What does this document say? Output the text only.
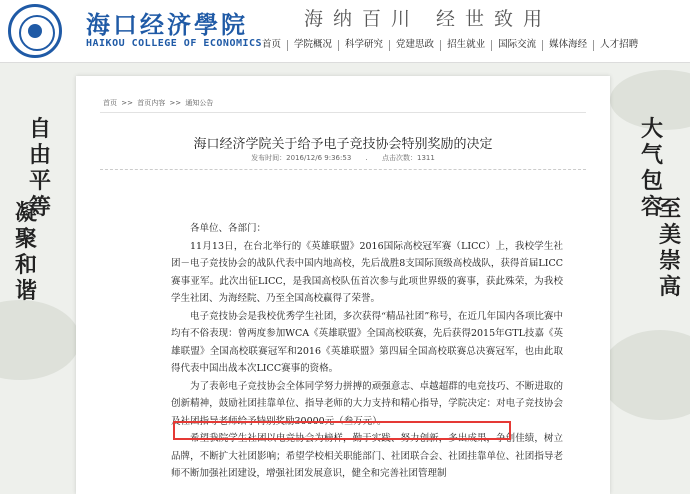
海口经济學院
HAIKOU COLLEGE OF ECONOMICS
海纳百川 经世致用
首页	学院概况	科学研究	党建思政	招生就业	国际交流	媒体海经	人才招聘
自
由
平
等
凝
聚
和
谐
大
气
包
容
至
美
崇
高
首页 >> 首页内容 >> 通知公告
海口经济学院关于给予电子竞技协会特别奖励的决定
发布时间：2016/12/6 9:36:53 . 点击次数：1311

各单位、各部门：

11月13日，在台北举行的《英雄联盟》2016国际高校冠军赛（LICC）上，我校学生社团－电子竞技协会的战队代表中国内地高校，先后战胜8支国际顶级高校战队，获得首届LICC赛事亚军。此次出征LICC，是我国高校队伍首次参与此项世界级的赛事，获此殊荣，为我校学生社团、为海经院、乃至全国高校赢得了荣誉。

电子竞技协会是我校优秀学生社团，多次获得“精品社团”称号，在近几年国内各项比赛中均有不俗表现：曾两度参加WCA《英雄联盟》全国高校联赛，先后获得2015年GTL技嘉《英雄联盟》全国高校联赛冠军和2016《英雄联盟》第四届全国高校联赛总决赛冠军，也由此取得代表中国出战本次LICC赛事的资格。

为了表彰电子竞技协会全体同学努力拼搏的顽强意志、卓越超群的电竞技巧、不断进取的创新精神，鼓励社团挂靠单位、指导老师的大力支持和精心指导，学院决定：对电子竞技协会及社团指导老师给予特别奖励30000元（叁万元）。

希望我院学生社团以电竞协会为榜样，勤于实践、努力创新，多出成果，争创佳绩，树立品牌，不断扩大社团影响；希望学校相关职能部门、社团联合会、社团挂靠单位、社团指导老师不断加强社团建设，增强社团发展意识，健全和完善社团管理制
